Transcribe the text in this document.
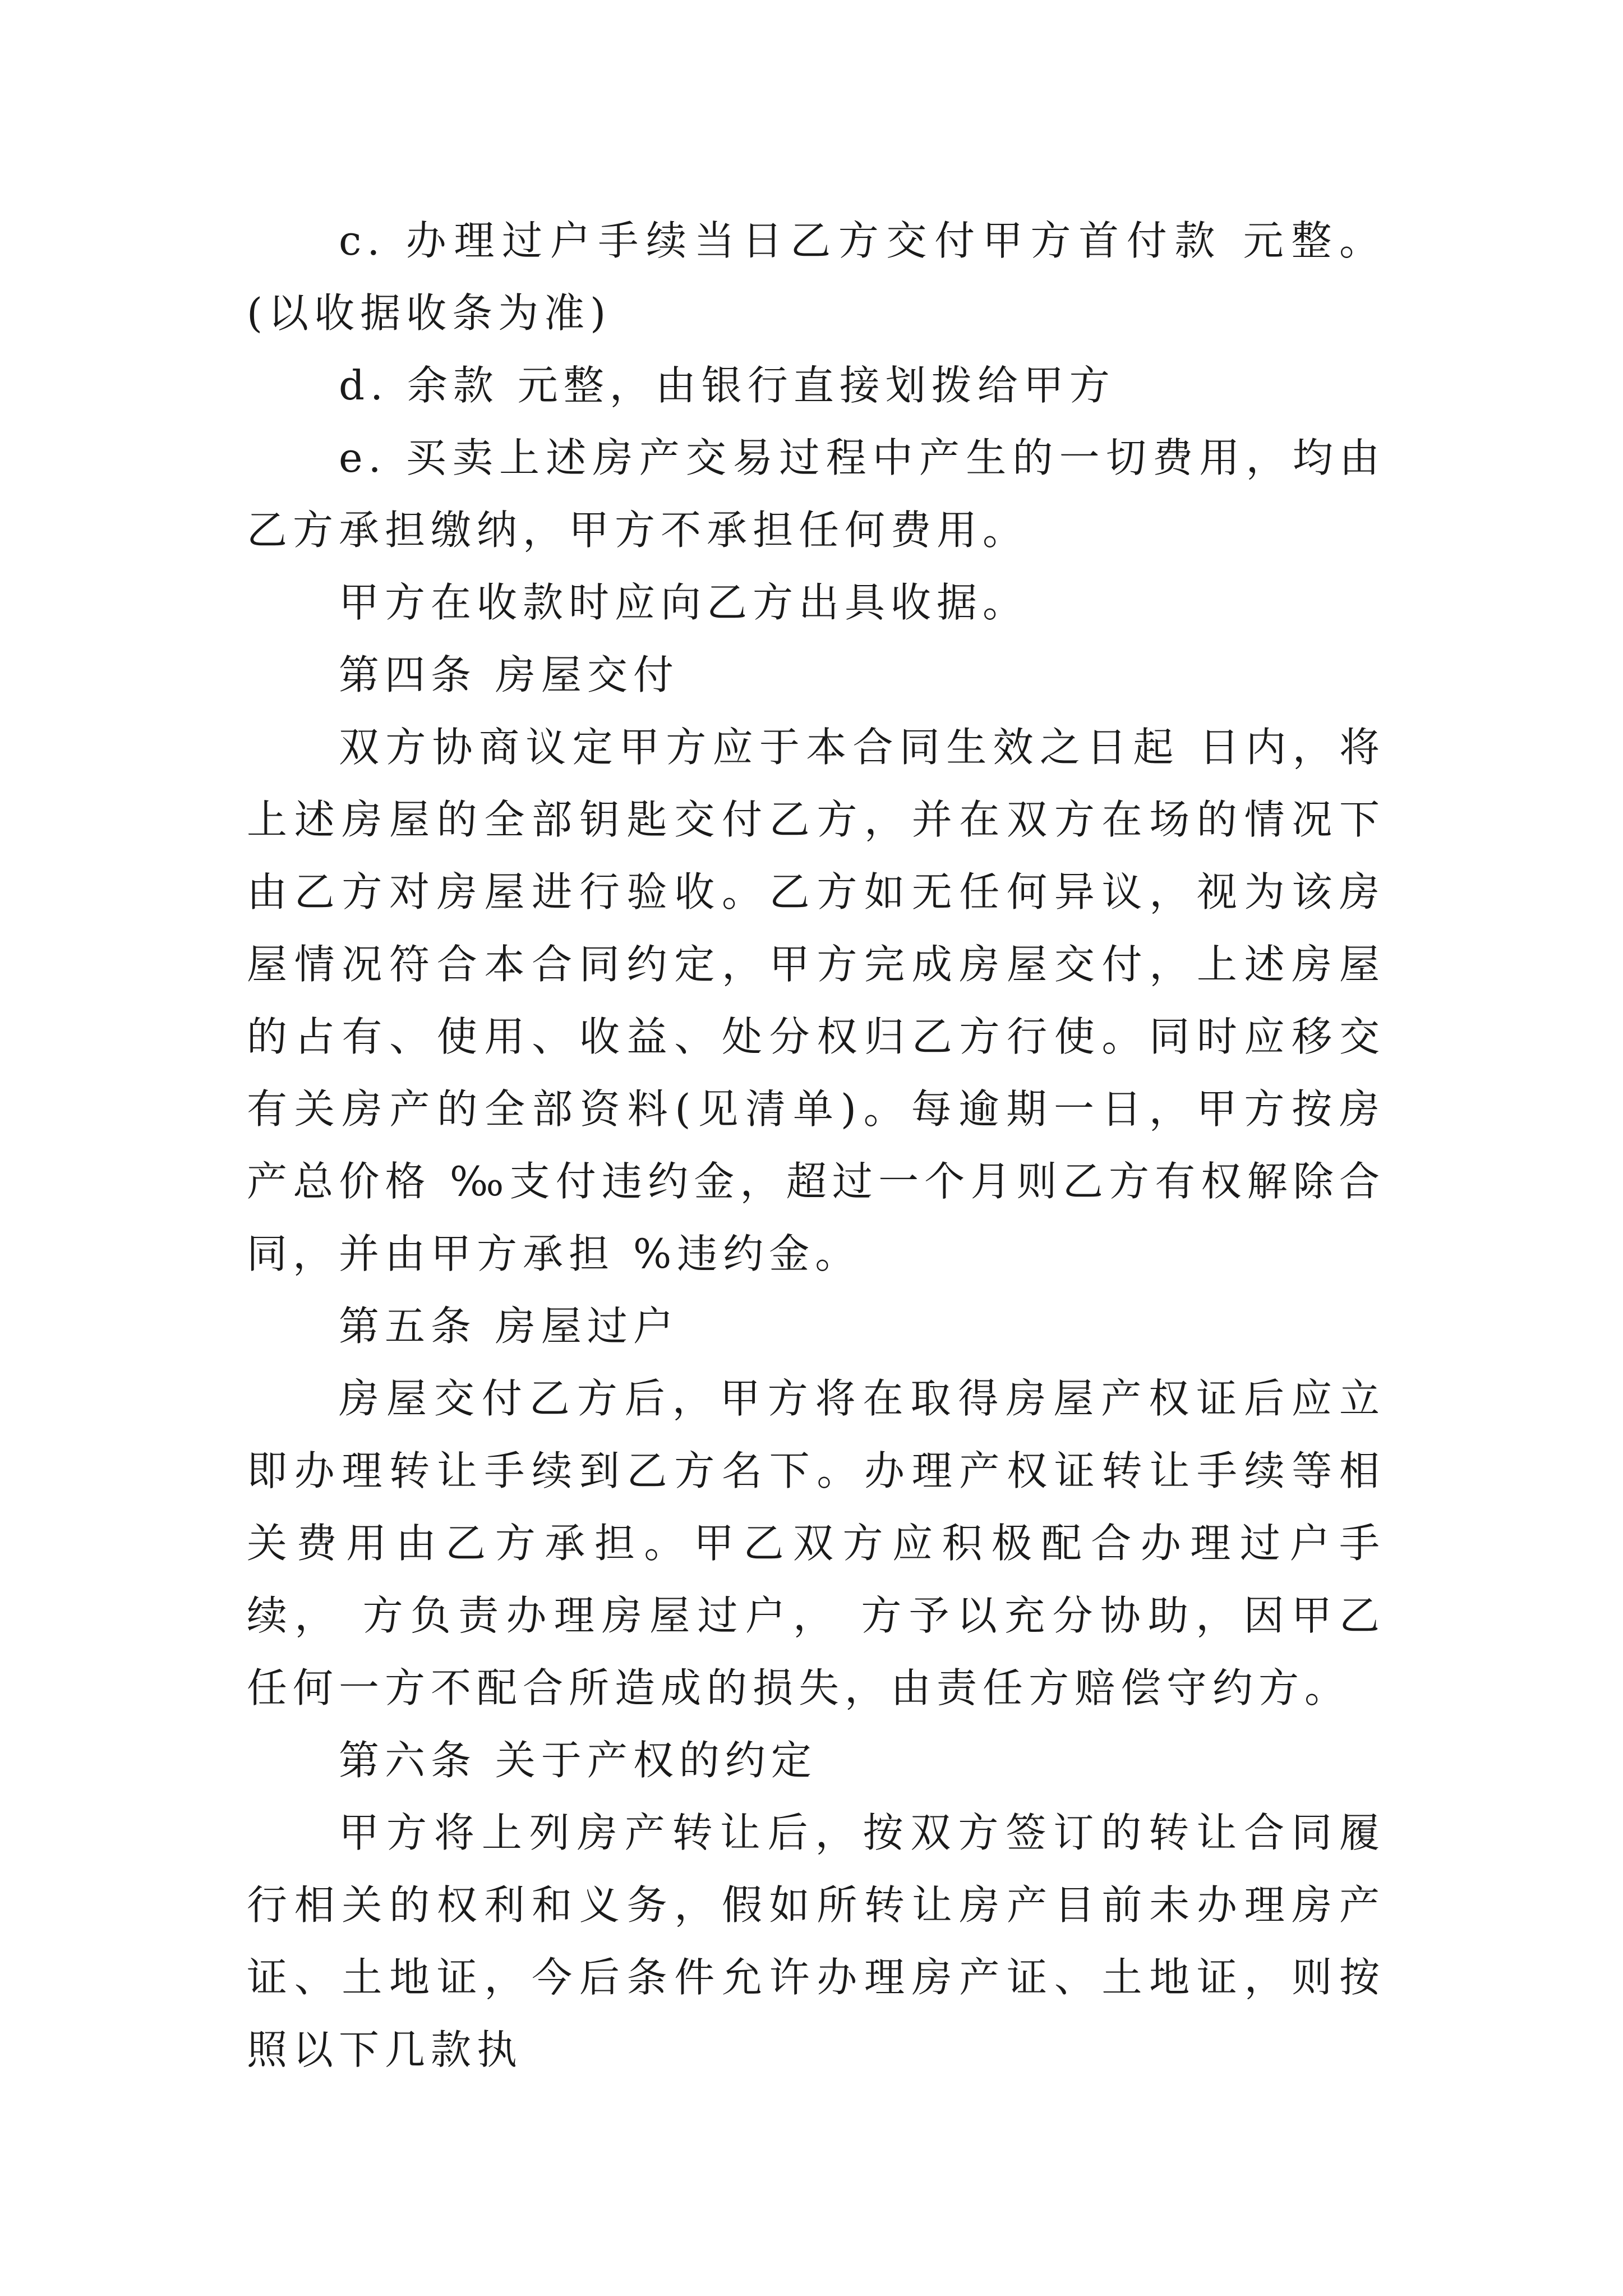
c. 办理过户手续当日乙方交付甲方首付款 元整。(以收据收条为准)

d. 余款 元整，由银行直接划拨给甲方

e. 买卖上述房产交易过程中产生的一切费用，均由乙方承担缴纳，甲方不承担任何费用。

甲方在收款时应向乙方出具收据。

第四条 房屋交付

双方协商议定甲方应于本合同生效之日起 日内，将上述房屋的全部钥匙交付乙方，并在双方在场的情况下由乙方对房屋进行验收。乙方如无任何异议，视为该房屋情况符合本合同约定，甲方完成房屋交付，上述房屋的占有、使用、收益、处分权归乙方行使。同时应移交有关房产的全部资料(见清单)。每逾期一日，甲方按房产总价格 ‰支付违约金，超过一个月则乙方有权解除合同，并由甲方承担 %违约金。

第五条 房屋过户

房屋交付乙方后，甲方将在取得房屋产权证后应立即办理转让手续到乙方名下。办理产权证转让手续等相关费用由乙方承担。甲乙双方应积极配合办理过户手续， 方负责办理房屋过户， 方予以充分协助，因甲乙任何一方不配合所造成的损失，由责任方赔偿守约方。

第六条 关于产权的约定

甲方将上列房产转让后，按双方签订的转让合同履行相关的权利和义务，假如所转让房产目前未办理房产证、土地证，今后条件允许办理房产证、土地证，则按照以下几款执
